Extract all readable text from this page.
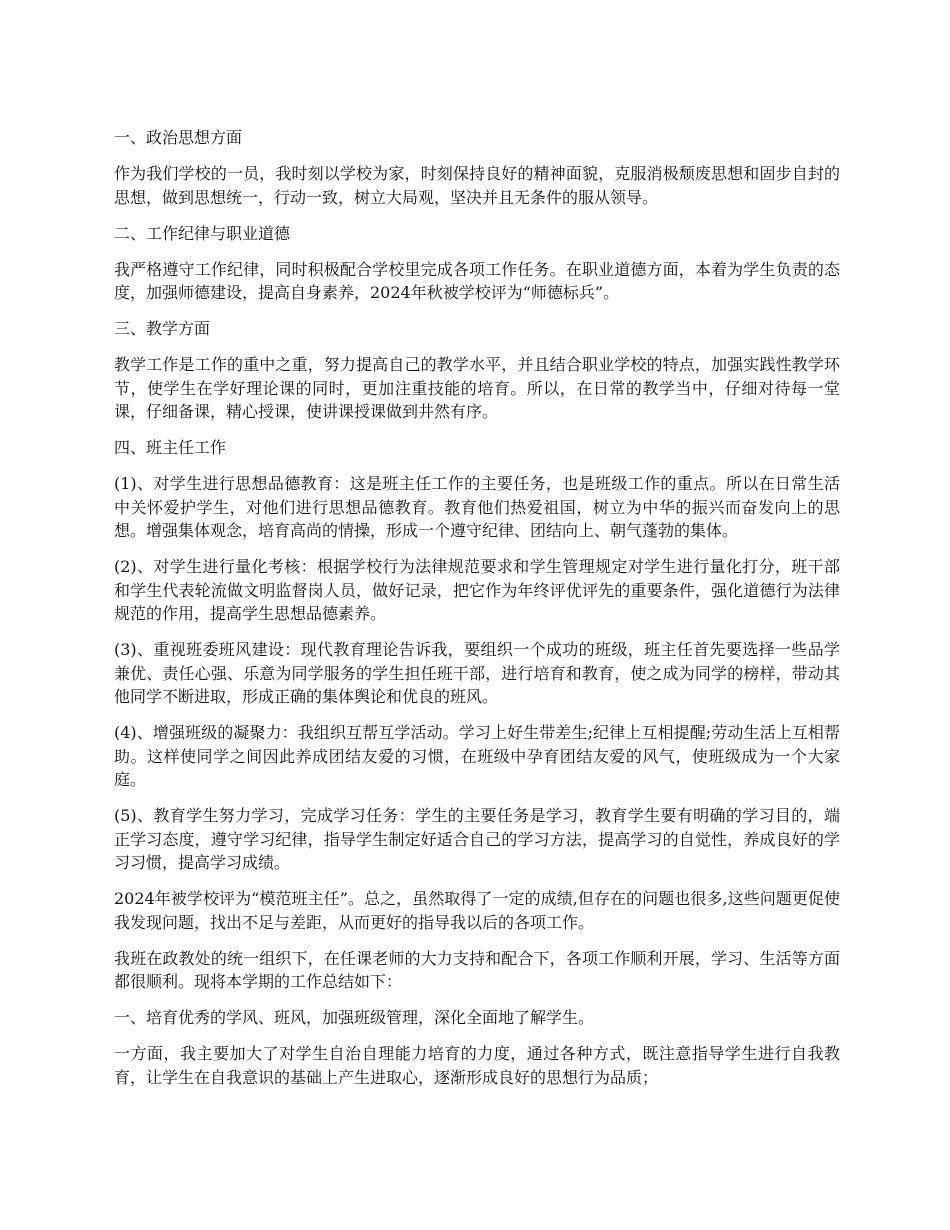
一、政治思想方面

作为我们学校的一员，我时刻以学校为家，时刻保持良好的精神面貌，克服消极颓废思想和固步自封的思想，做到思想统一，行动一致，树立大局观，坚决并且无条件的服从领导。

二、工作纪律与职业道德

我严格遵守工作纪律，同时积极配合学校里完成各项工作任务。在职业道德方面，本着为学生负责的态度，加强师德建设，提高自身素养，2024年秋被学校评为“师德标兵”。

三、教学方面

教学工作是工作的重中之重，努力提高自己的教学水平，并且结合职业学校的特点，加强实践性教学环节，使学生在学好理论课的同时，更加注重技能的培育。所以，在日常的教学当中，仔细对待每一堂课，仔细备课，精心授课，使讲课授课做到井然有序。

四、班主任工作

(1)、对学生进行思想品德教育：这是班主任工作的主要任务，也是班级工作的重点。所以在日常生活中关怀爱护学生，对他们进行思想品德教育。教育他们热爱祖国，树立为中华的振兴而奋发向上的思想。增强集体观念，培育高尚的情操，形成一个遵守纪律、团结向上、朝气蓬勃的集体。

(2)、对学生进行量化考核：根据学校行为法律规范要求和学生管理规定对学生进行量化打分，班干部和学生代表轮流做文明监督岗人员，做好记录，把它作为年终评优评先的重要条件，强化道德行为法律规范的作用，提高学生思想品德素养。

(3)、重视班委班风建设：现代教育理论告诉我，要组织一个成功的班级，班主任首先要选择一些品学兼优、责任心强、乐意为同学服务的学生担任班干部，进行培育和教育，使之成为同学的榜样，带动其他同学不断进取，形成正确的集体舆论和优良的班风。

(4)、增强班级的凝聚力：我组织互帮互学活动。学习上好生带差生;纪律上互相提醒;劳动生活上互相帮助。这样使同学之间因此养成团结友爱的习惯，在班级中孕育团结友爱的风气，使班级成为一个大家庭。

(5)、教育学生努力学习，完成学习任务：学生的主要任务是学习，教育学生要有明确的学习目的，端正学习态度，遵守学习纪律，指导学生制定好适合自己的学习方法，提高学习的自觉性，养成良好的学习习惯，提高学习成绩。

2024年被学校评为“模范班主任”。总之，虽然取得了一定的成绩,但存在的问题也很多,这些问题更促使我发现问题，找出不足与差距，从而更好的指导我以后的各项工作。

我班在政教处的统一组织下，在任课老师的大力支持和配合下，各项工作顺利开展，学习、生活等方面都很顺利。现将本学期的工作总结如下：

一、培育优秀的学风、班风，加强班级管理，深化全面地了解学生。

一方面，我主要加大了对学生自治自理能力培育的力度，通过各种方式，既注意指导学生进行自我教育，让学生在自我意识的基础上产生进取心，逐渐形成良好的思想行为品质；
